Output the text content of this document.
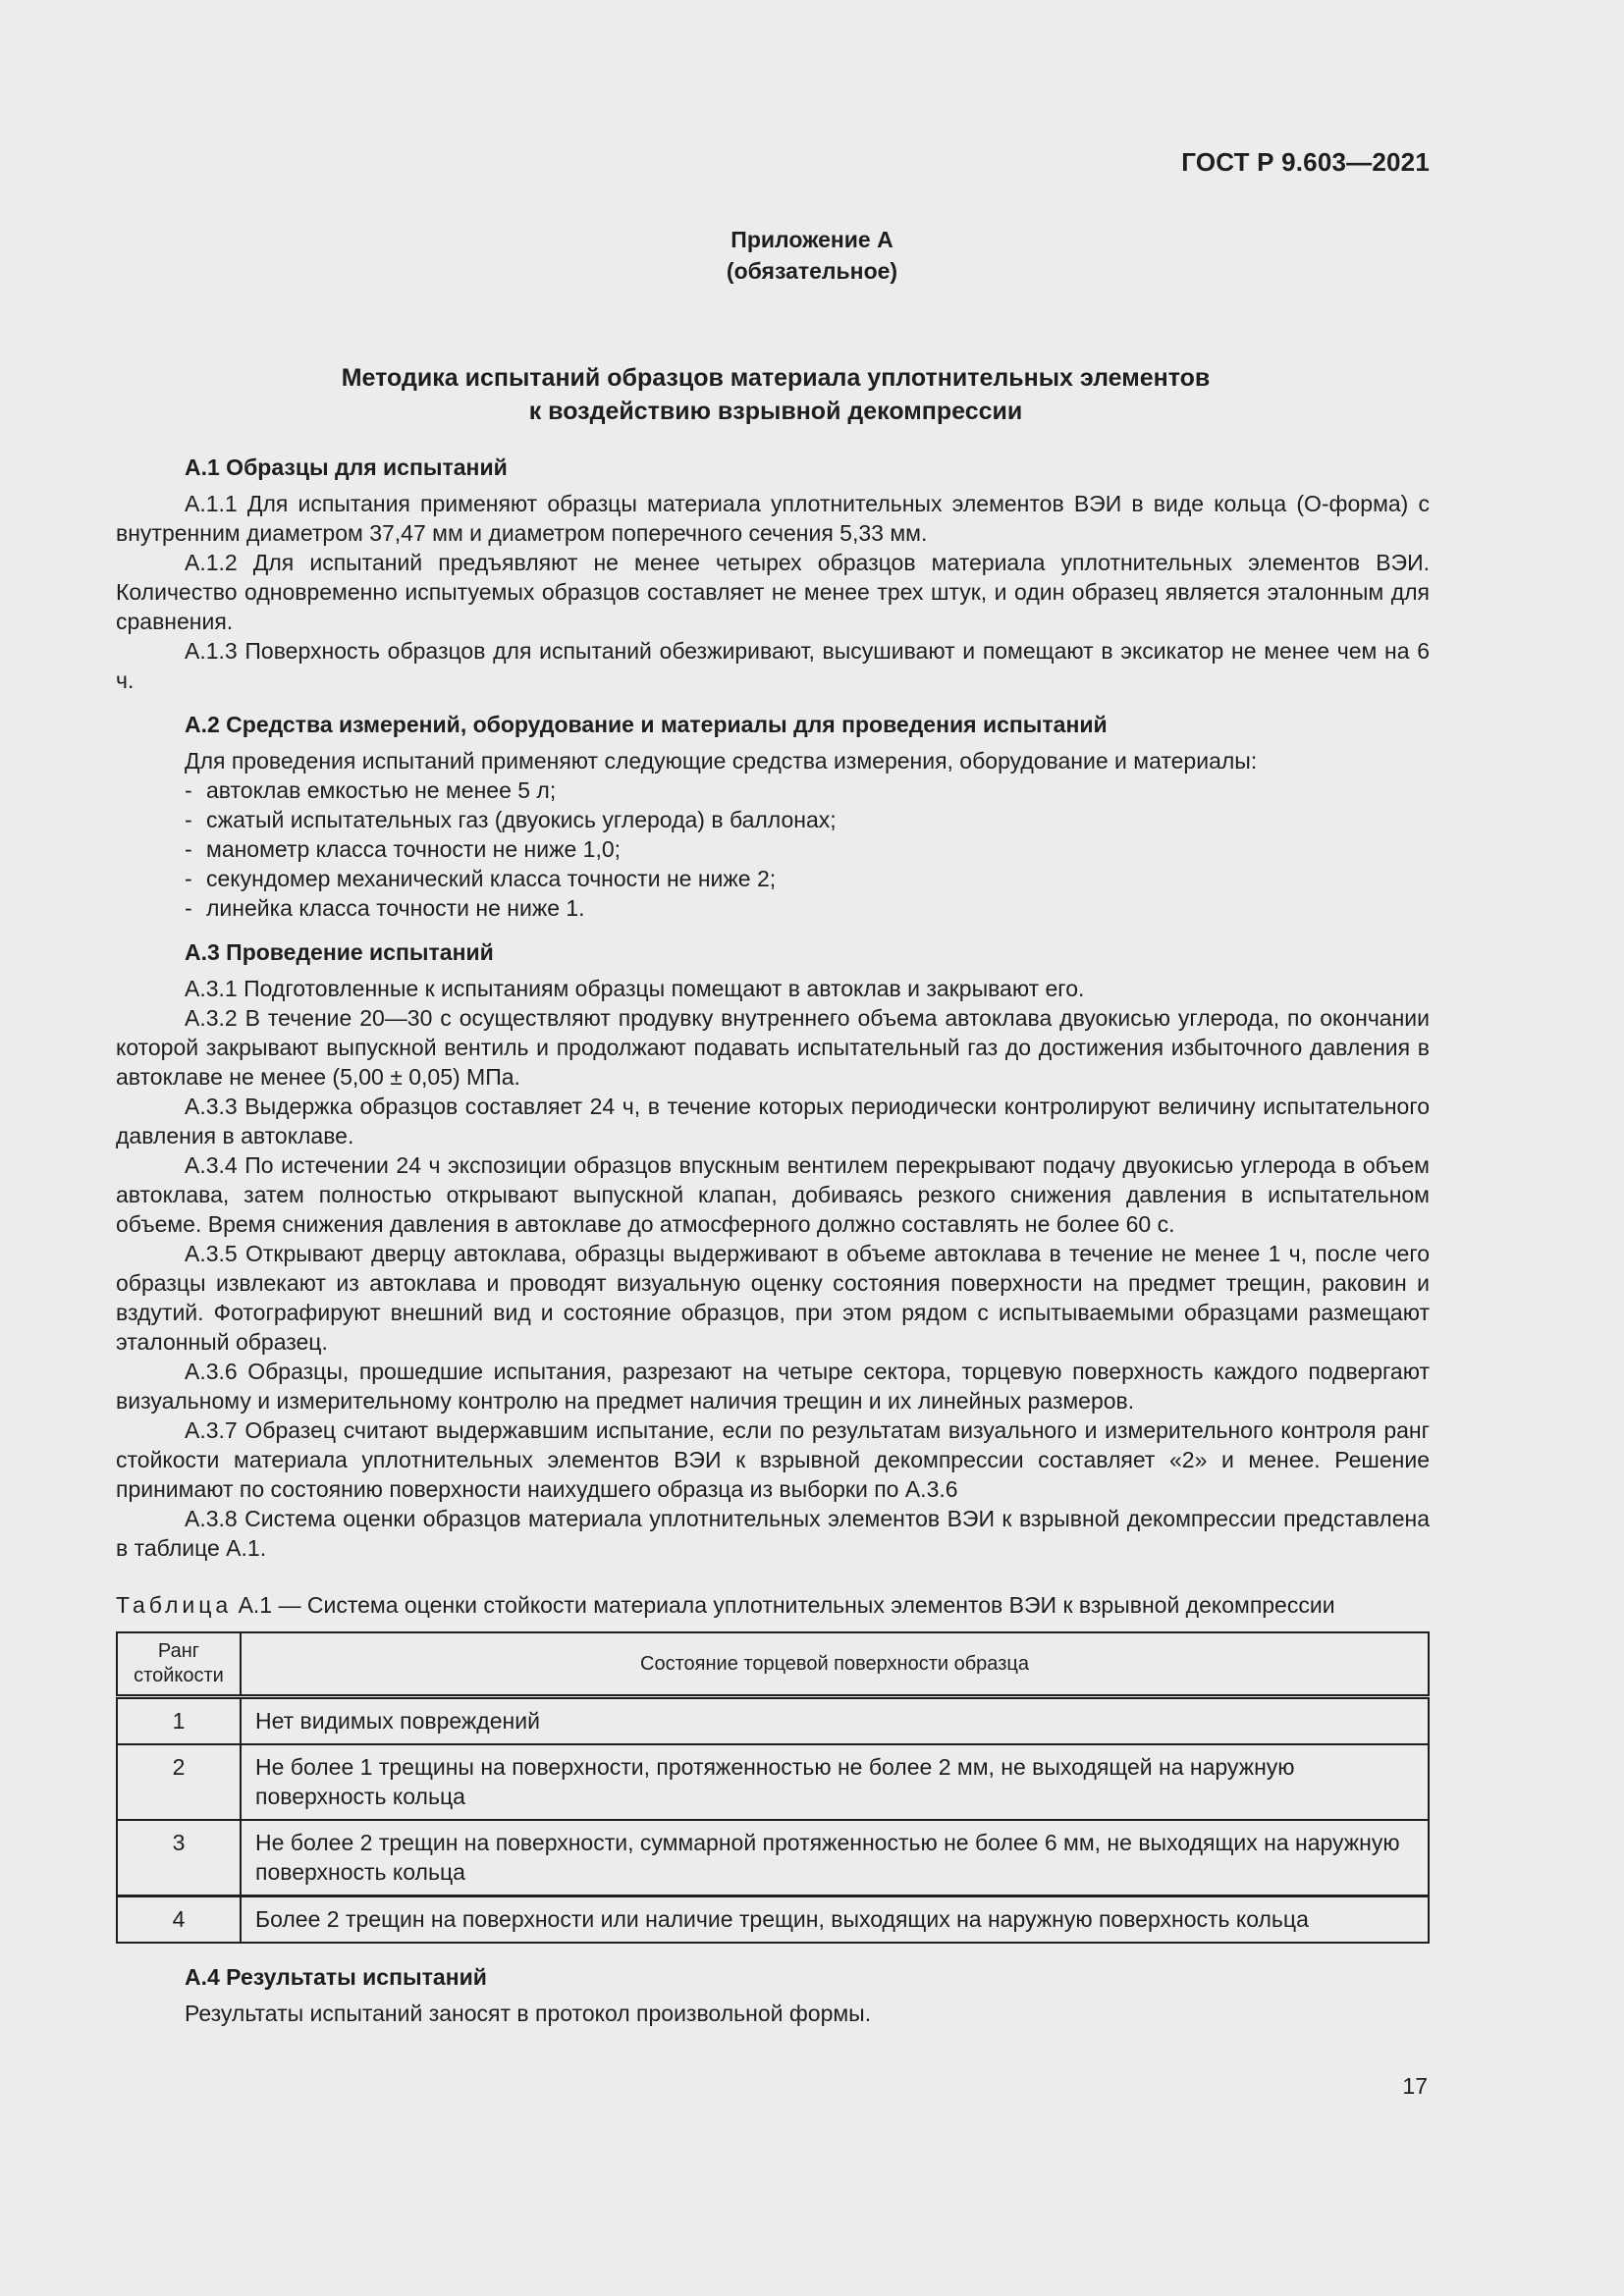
ГОСТ Р 9.603—2021
Приложение А
(обязательное)
Методика испытаний образцов материала уплотнительных элементов
к воздействию взрывной декомпрессии
А.1 Образцы для испытаний

А.1.1 Для испытания применяют образцы материала уплотнительных элементов ВЭИ в виде кольца (О-форма) с внутренним диаметром 37,47 мм и диаметром поперечного сечения 5,33 мм.

А.1.2 Для испытаний предъявляют не менее четырех образцов материала уплотнительных элементов ВЭИ. Количество одновременно испытуемых образцов составляет не менее трех штук, и один образец является эталонным для сравнения.

А.1.3 Поверхность образцов для испытаний обезжиривают, высушивают и помещают в эксикатор не менее чем на 6 ч.

А.2 Средства измерений, оборудование и материалы для проведения испытаний

Для проведения испытаний применяют следующие средства измерения, оборудование и материалы:

- автоклав емкостью не менее 5 л;
- сжатый испытательных газ (двуокись углерода) в баллонах;
- манометр класса точности не ниже 1,0;
- секундомер механический класса точности не ниже 2;
- линейка класса точности не ниже 1.
А.3 Проведение испытаний

А.3.1 Подготовленные к испытаниям образцы помещают в автоклав и закрывают его.

А.3.2 В течение 20—30 с осуществляют продувку внутреннего объема автоклава двуокисью углерода, по окончании которой закрывают выпускной вентиль и продолжают подавать испытательный газ до достижения избыточного давления в автоклаве не менее (5,00 ± 0,05) МПа.

А.3.3 Выдержка образцов составляет 24 ч, в течение которых периодически контролируют величину испытательного давления в автоклаве.

А.3.4 По истечении 24 ч экспозиции образцов впускным вентилем перекрывают подачу двуокисью углерода в объем автоклава, затем полностью открывают выпускной клапан, добиваясь резкого снижения давления в испытательном объеме. Время снижения давления в автоклаве до атмосферного должно составлять не более 60 с.

А.3.5 Открывают дверцу автоклава, образцы выдерживают в объеме автоклава в течение не менее 1 ч, после чего образцы извлекают из автоклава и проводят визуальную оценку состояния поверхности на предмет трещин, раковин и вздутий. Фотографируют внешний вид и состояние образцов, при этом рядом с испытываемыми образцами размещают эталонный образец.

А.3.6 Образцы, прошедшие испытания, разрезают на четыре сектора, торцевую поверхность каждого подвергают визуальному и измерительному контролю на предмет наличия трещин и их линейных размеров.

А.3.7 Образец считают выдержавшим испытание, если по результатам визуального и измерительного контроля ранг стойкости материала уплотнительных элементов ВЭИ к взрывной декомпрессии составляет «2» и менее. Решение принимают по состоянию поверхности наихудшего образца из выборки по А.3.6

А.3.8 Система оценки образцов материала уплотнительных элементов ВЭИ к взрывной декомпрессии представлена в таблице А.1.

Таблица А.1 — Система оценки стойкости материала уплотнительных элементов ВЭИ к взрывной декомпрессии
Ранг
стойкости	Состояние торцевой поверхности образца
1	Нет видимых повреждений
2	Не более 1 трещины на поверхности, протяженностью не более 2 мм, не выходящей на наружную поверхность кольца
3	Не более 2 трещин на поверхности, суммарной протяженностью не более 6 мм, не выходящих на наружную поверхность кольца
4	Более 2 трещин на поверхности или наличие трещин, выходящих на наружную поверхность кольца
А.4 Результаты испытаний

Результаты испытаний заносят в протокол произвольной формы.

17
